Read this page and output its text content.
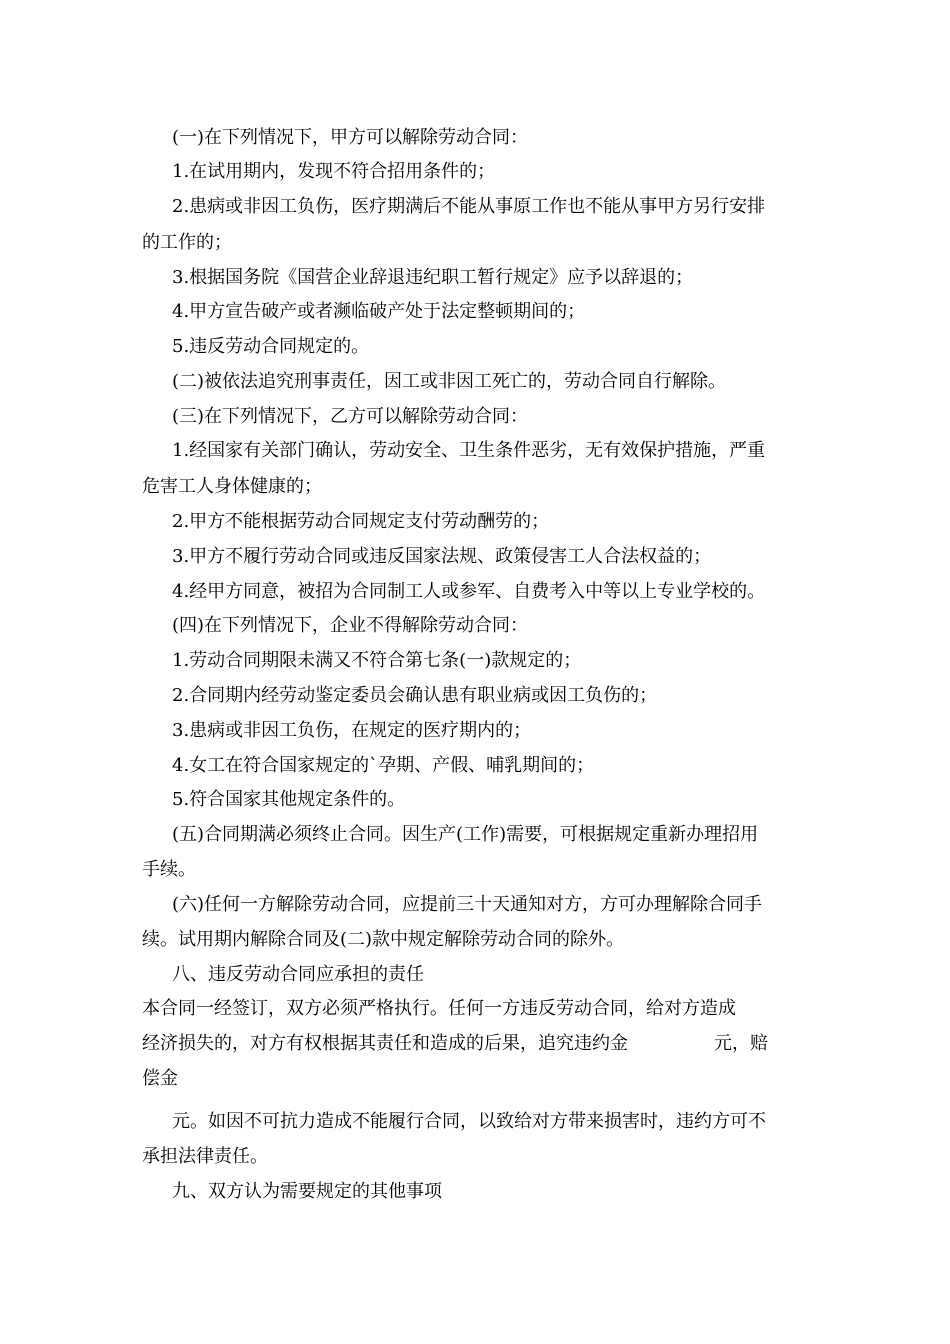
(一)在下列情况下，甲方可以解除劳动合同：
1.在试用期内，发现不符合招用条件的；
2.患病或非因工负伤，医疗期满后不能从事原工作也不能从事甲方另行安排
的工作的；
3.根据国务院《国营企业辞退违纪职工暂行规定》应予以辞退的；
4.甲方宣告破产或者濒临破产处于法定整顿期间的；
5.违反劳动合同规定的。
(二)被依法追究刑事责任，因工或非因工死亡的，劳动合同自行解除。
(三)在下列情况下，乙方可以解除劳动合同：
1.经国家有关部门确认，劳动安全、卫生条件恶劣，无有效保护措施，严重
危害工人身体健康的；
2.甲方不能根据劳动合同规定支付劳动酬劳的；
3.甲方不履行劳动合同或违反国家法规、政策侵害工人合法权益的；
4.经甲方同意，被招为合同制工人或参军、自费考入中等以上专业学校的。
(四)在下列情况下，企业不得解除劳动合同：
1.劳动合同期限未满又不符合第七条(一)款规定的；
2.合同期内经劳动鉴定委员会确认患有职业病或因工负伤的；
3.患病或非因工负伤，在规定的医疗期内的；
4.女工在符合国家规定的`孕期、产假、哺乳期间的；
5.符合国家其他规定条件的。
(五)合同期满必须终止合同。因生产(工作)需要，可根据规定重新办理招用
手续。
(六)任何一方解除劳动合同，应提前三十天通知对方，方可办理解除合同手
续。试用期内解除合同及(二)款中规定解除劳动合同的除外。
八、违反劳动合同应承担的责任
本合同一经签订，双方必须严格执行。任何一方违反劳动合同，给对方造成
经济损失的，对方有权根据其责任和造成的后果，追究违约金	元，赔
偿金
元。如因不可抗力造成不能履行合同，以致给对方带来损害时，违约方可不
承担法律责任。
九、双方认为需要规定的其他事项
